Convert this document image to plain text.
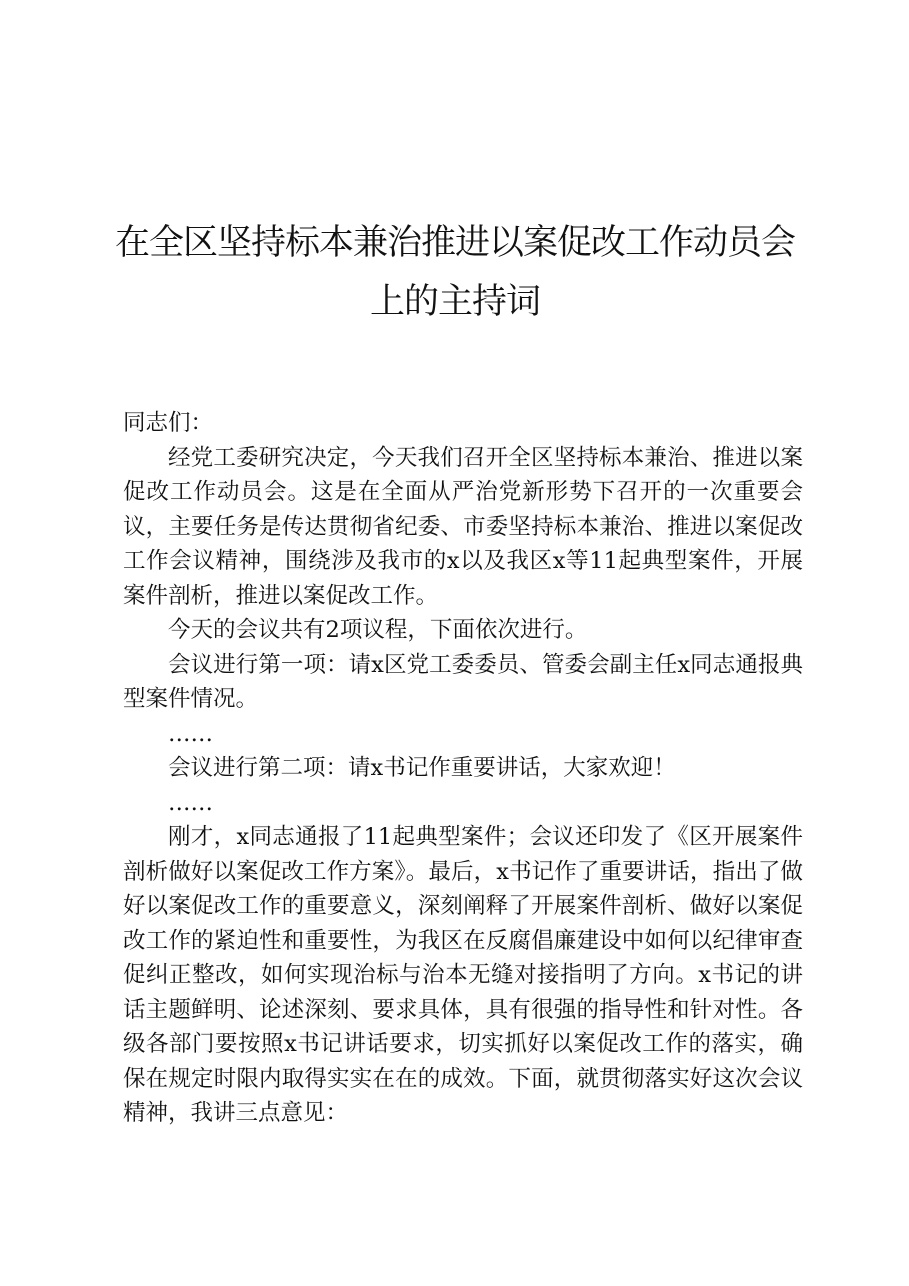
在全区坚持标本兼治推进以案促改工作动员会
上的主持词

同志们：

经党工委研究决定，今天我们召开全区坚持标本兼治、推进以案促改工作动员会。这是在全面从严治党新形势下召开的一次重要会议，主要任务是传达贯彻省纪委、市委坚持标本兼治、推进以案促改工作会议精神，围绕涉及我市的x以及我区x等11起典型案件，开展案件剖析，推进以案促改工作。

今天的会议共有2项议程，下面依次进行。

会议进行第一项：请x区党工委委员、管委会副主任x同志通报典型案件情况。

……

会议进行第二项：请x书记作重要讲话，大家欢迎！

……

刚才，x同志通报了11起典型案件；会议还印发了《区开展案件剖析做好以案促改工作方案》。最后，x书记作了重要讲话，指出了做好以案促改工作的重要意义，深刻阐释了开展案件剖析、做好以案促改工作的紧迫性和重要性，为我区在反腐倡廉建设中如何以纪律审查促纠正整改，如何实现治标与治本无缝对接指明了方向。x书记的讲话主题鲜明、论述深刻、要求具体，具有很强的指导性和针对性。各级各部门要按照x书记讲话要求，切实抓好以案促改工作的落实，确保在规定时限内取得实实在在的成效。下面，就贯彻落实好这次会议精神，我讲三点意见：
